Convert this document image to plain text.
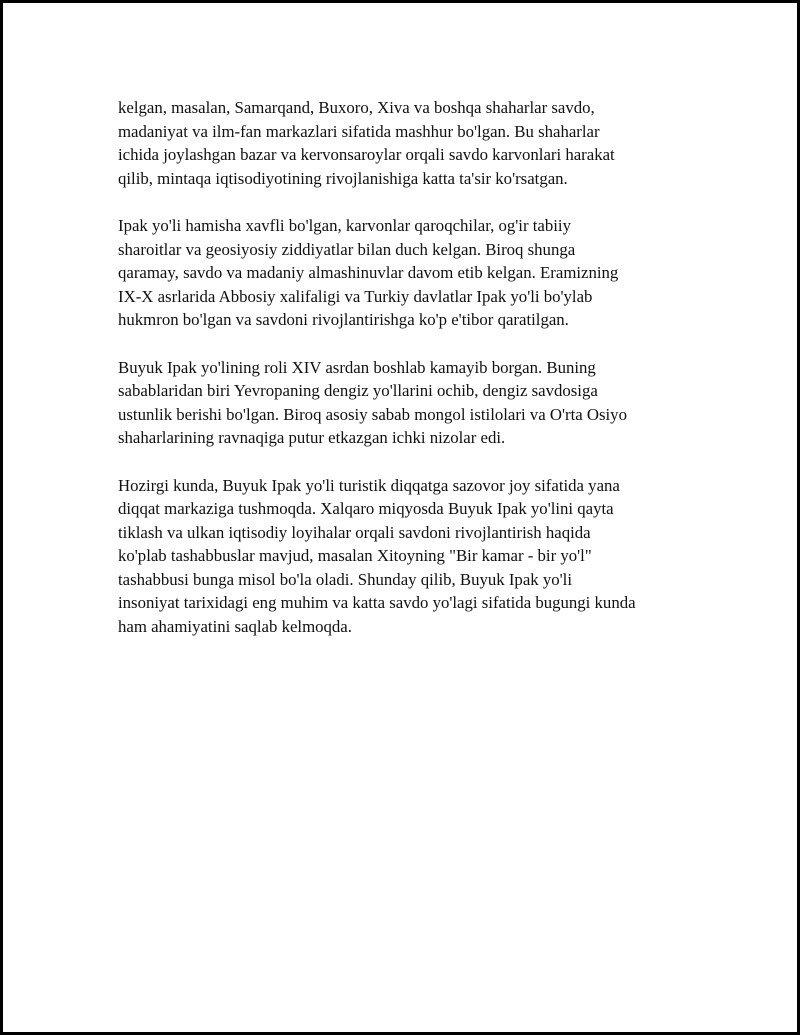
kelgan, masalan, Samarqand, Buxoro, Xiva va boshqa shaharlar savdo,
madaniyat va ilm-fan markazlari sifatida mashhur bo'lgan. Bu shaharlar
ichida joylashgan bazar va kervonsaroylar orqali savdo karvonlari harakat
qilib, mintaqa iqtisodiyotining rivojlanishiga katta ta'sir ko'rsatgan.

Ipak yo'li hamisha xavfli bo'lgan, karvonlar qaroqchilar, og'ir tabiiy
sharoitlar va geosiyosiy ziddiyatlar bilan duch kelgan. Biroq shunga
qaramay, savdo va madaniy almashinuvlar davom etib kelgan. Eramizning
IX-X asrlarida Abbosiy xalifaligi va Turkiy davlatlar Ipak yo'li bo'ylab
hukmron bo'lgan va savdoni rivojlantirishga ko'p e'tibor qaratilgan.

Buyuk Ipak yo'lining roli XIV asrdan boshlab kamayib borgan. Buning
sabablaridan biri Yevropaning dengiz yo'llarini ochib, dengiz savdosiga
ustunlik berishi bo'lgan. Biroq asosiy sabab mongol istilolari va O'rta Osiyo
shaharlarining ravnaqiga putur etkazgan ichki nizolar edi.

Hozirgi kunda, Buyuk Ipak yo'li turistik diqqatga sazovor joy sifatida yana
diqqat markaziga tushmoqda. Xalqaro miqyosda Buyuk Ipak yo'lini qayta
tiklash va ulkan iqtisodiy loyihalar orqali savdoni rivojlantirish haqida
ko'plab tashabbuslar mavjud, masalan Xitoyning "Bir kamar - bir yo'l"
tashabbusi bunga misol bo'la oladi. Shunday qilib, Buyuk Ipak yo'li
insoniyat tarixidagi eng muhim va katta savdo yo'lagi sifatida bugungi kunda
ham ahamiyatini saqlab kelmoqda.
